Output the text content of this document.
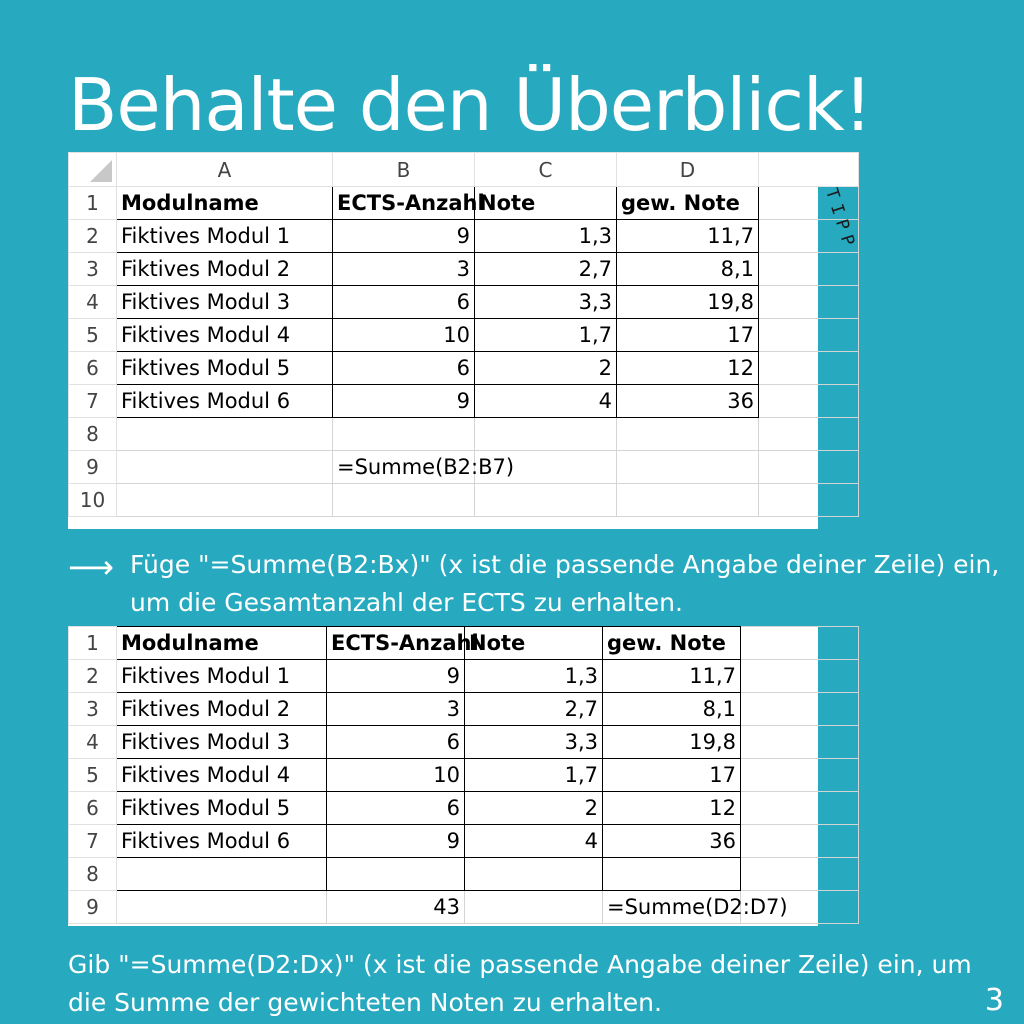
Behalte den Überblick!
	A	B	C	D	
1	Modulname	ECTS-Anzahl	Note	gew. Note	
2	Fiktives Modul 1	9	1,3	11,7	
3	Fiktives Modul 2	3	2,7	8,1	
4	Fiktives Modul 3	6	3,3	19,8	
5	Fiktives Modul 4	10	1,7	17	
6	Fiktives Modul 5	6	2	12	
7	Fiktives Modul 6	9	4	36	
8					
9		=Summe(B2:B7)			
10					
TIPP
⟶ Füge "=Summe(B2:Bx)" (x ist die passende Angabe deiner Zeile) ein,
um die Gesamtanzahl der ECTS zu erhalten.
1	Modulname	ECTS-Anzahl	Note	gew. Note	
2	Fiktives Modul 1	9	1,3	11,7	
3	Fiktives Modul 2	3	2,7	8,1	
4	Fiktives Modul 3	6	3,3	19,8	
5	Fiktives Modul 4	10	1,7	17	
6	Fiktives Modul 5	6	2	12	
7	Fiktives Modul 6	9	4	36	
8					
9		43		=Summe(D2:D7)	
Gib "=Summe(D2:Dx)" (x ist die passende Angabe deiner Zeile) ein, um
die Summe der gewichteten Noten zu erhalten.	3
